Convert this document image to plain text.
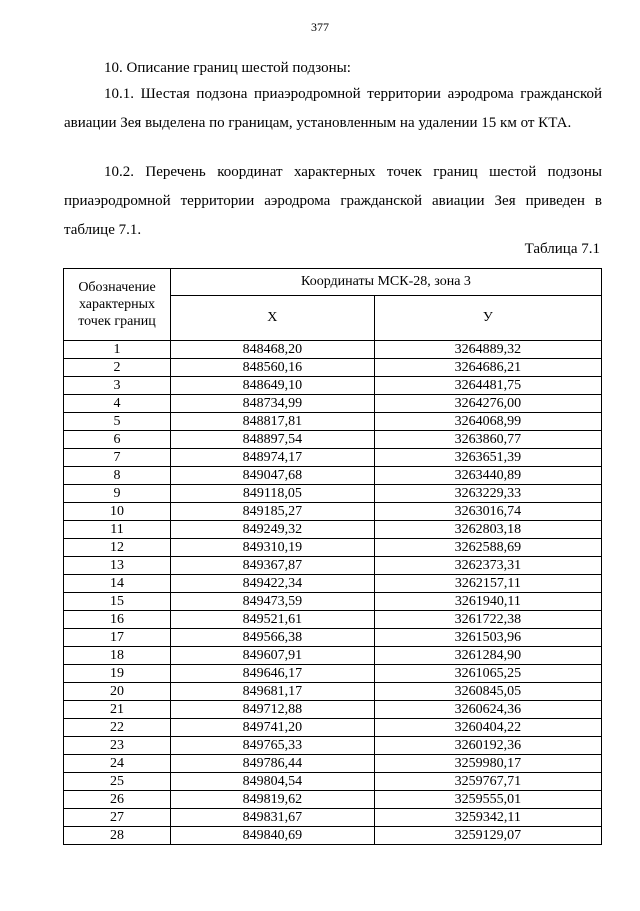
377
10. Описание границ шестой подзоны:
10.1. Шестая подзона приаэродромной территории аэродрома гражданской авиации Зея выделена по границам, установленным на удалении 15 км от КТА.
10.2. Перечень координат характерных точек границ шестой подзоны приаэродромной территории аэродрома гражданской авиации Зея приведен в таблице 7.1.
Таблица 7.1
Обозначение характерных точек границ	Координаты МСК-28, зона 3	
	X	У
1	848468,20	3264889,32
2	848560,16	3264686,21
3	848649,10	3264481,75
4	848734,99	3264276,00
5	848817,81	3264068,99
6	848897,54	3263860,77
7	848974,17	3263651,39
8	849047,68	3263440,89
9	849118,05	3263229,33
10	849185,27	3263016,74
11	849249,32	3262803,18
12	849310,19	3262588,69
13	849367,87	3262373,31
14	849422,34	3262157,11
15	849473,59	3261940,11
16	849521,61	3261722,38
17	849566,38	3261503,96
18	849607,91	3261284,90
19	849646,17	3261065,25
20	849681,17	3260845,05
21	849712,88	3260624,36
22	849741,20	3260404,22
23	849765,33	3260192,36
24	849786,44	3259980,17
25	849804,54	3259767,71
26	849819,62	3259555,01
27	849831,67	3259342,11
28	849840,69	3259129,07
